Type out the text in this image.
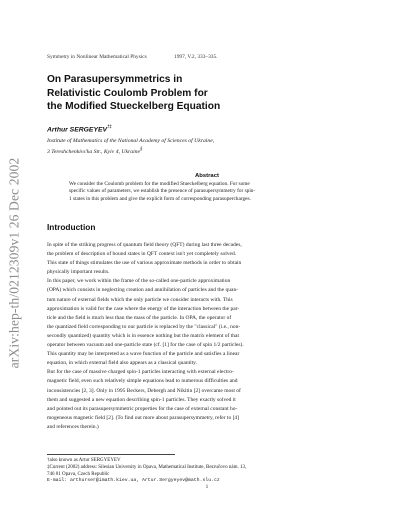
arXiv:hep-th/0212309v1 26 Dec 2002
Symmetry in Nonlinear Mathematical Physics	1997, V.2, 333–335.
On Parasupersymmetrics in
Relativistic Coulomb Problem for
the Modified Stueckelberg Equation
Arthur SERGEYEV†‡
Institute of Mathematics of the National Academy of Sciences of Ukraine,
3 Tereshchenkivs'ka Str., Kyiv 4, Ukraine§
Abstract
We consider the Coulomb problem for the modified Stueckelberg equation. For some
specific values of parameters, we establish the presence of parasupersymmetry for spin-
1 states in this problem and give the explicit form of corresponding parasupercharges.
Introduction
In spite of the striking progress of quantum field theory (QFT) during last three decades,
the problem of description of bound states in QFT context isn't yet completely solved.
This state of things stimulates the use of various approximate methods in order to obtain
physically important results.
In this paper, we work within the frame of the so-called one-particle approximation
(OPA) which consists in neglecting creation and annihilation of particles and the quan-
tum nature of external fields which the only particle we consider interacts with. This
approximation is valid for the case where the energy of the interaction between the par-
ticle and the field is much less than the mass of the particle. In OPA, the operator of
the quantized field corresponding to our particle is replaced by the "classical" (i.e., non-
secondly quantized) quantity which is in essence nothing but the matrix element of that
operator between vacuum and one-particle state (cf. [1] for the case of spin 1/2 particles).
This quantity may be interpreted as a wave function of the particle and satisfies a linear
equation, in which external field also appears as a classical quantity.
But for the case of massive charged spin-1 particles interacting with external electro-
magnetic field, even such relatively simple equations lead to numerous difficulties and
inconsistencies [2, 3]. Only in 1995 Beckers, Debergh and Nikitin [2] overcame most of
them and suggested a new equation describing spin-1 particles. They exactly solved it
and pointed out its parasupersymmetric properties for the case of external constant ho-
mogeneous magnetic field [2]. (To find out more about parasupersymmetry, refer to [4]
and references therein.)
†also known as Artur SERGYEYEV
‡Current (2002) address: Silesian University in Opava, Mathematical Institute, Bezručovo nám. 13,
746 01 Opava, Czech Republic
E-mail: arthurser@imath.kiev.ua, Artur.Sergyeyev@math.slu.cz
1
